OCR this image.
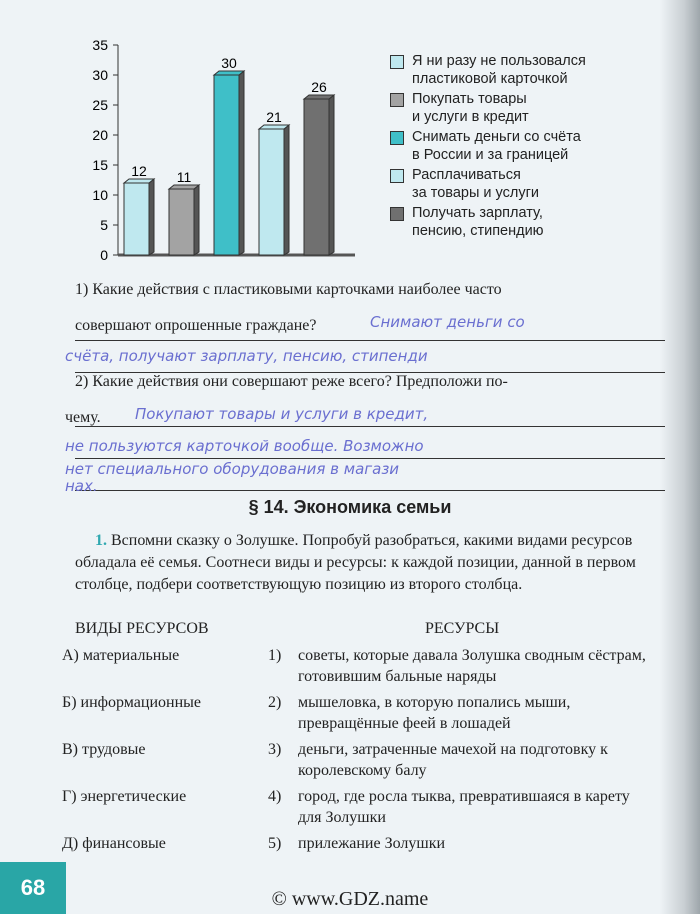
0
5
10
15
20
25
30
35
12 11
30
21
26
Я ни разу не пользовался
пластиковой карточкой
Покупать товары
и услуги в кредит
Снимать деньги со счёта
в России и за границей
Расплачиваться
за товары и услуги
Получать зарплату,
пенсию, стипендию
1) Какие действия с пластиковыми карточками наиболее часто
совершают опрошенные граждане?	Снимают деньги со
счёта, получают зарплату, пенсию, стипенди
2) Какие действия они совершают реже всего? Предположи по-
чему. Покупают товары и услуги в кредит,
не пользуются карточкой вообще. Возможно
нет специального оборудования в магази
нах.
§ 14. Экономика семьи
1. Вспомни сказку о Золушке. Попробуй разобраться, какими видами ресурсов обладала её семья. Соотнеси виды и ресурсы: к каждой позиции, данной в первом столбце, подбери соответствующую позицию из второго столбца.
ВИДЫ РЕСУРСОВ	РЕСУРСЫ
А) материальные	1) советы, которые давала Золушка сводным сёстрам, готовившим бальные наряды
Б) информационные	2) мышеловка, в которую попались мыши, превращённые феей в лошадей
В) трудовые	3) деньги, затраченные мачехой на подготовку к королевскому балу
Г) энергетические	4) город, где росла тыква, превратившаяся в карету для Золушки
Д) финансовые	5) прилежание Золушки
68	© www.GDZ.name
